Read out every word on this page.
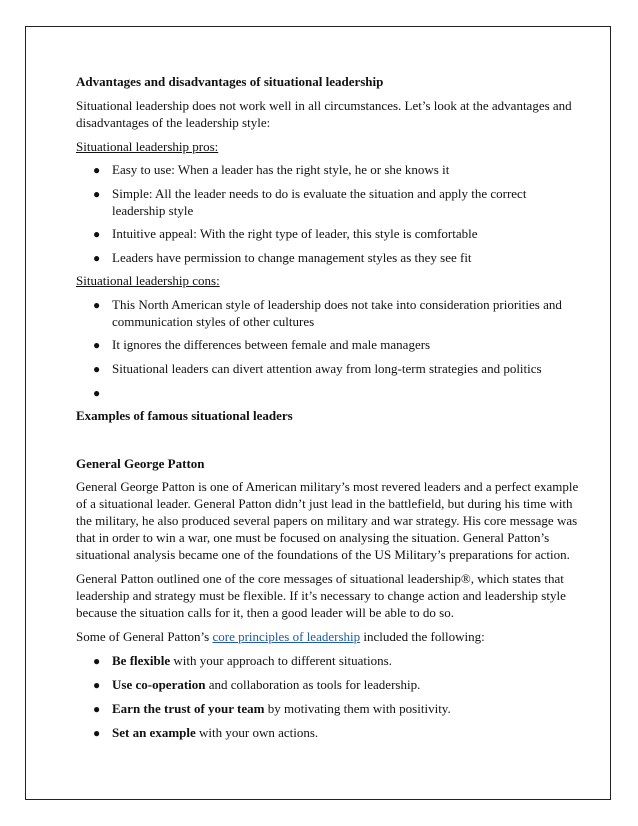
Advantages and disadvantages of situational leadership
Situational leadership does not work well in all circumstances. Let’s look at the advantages and
disadvantages of the leadership style:
Situational leadership pros:
● Easy to use: When a leader has the right style, he or she knows it
● Simple: All the leader needs to do is evaluate the situation and apply the correct
leadership style
● Intuitive appeal: With the right type of leader, this style is comfortable
● Leaders have permission to change management styles as they see fit
Situational leadership cons:
● This North American style of leadership does not take into consideration priorities and
communication styles of other cultures
● It ignores the differences between female and male managers
● Situational leaders can divert attention away from long-term strategies and politics
●
Examples of famous situational leaders
General George Patton
General George Patton is one of American military’s most revered leaders and a perfect example
of a situational leader. General Patton didn’t just lead in the battlefield, but during his time with
the military, he also produced several papers on military and war strategy. His core message was
that in order to win a war, one must be focused on analysing the situation. General Patton’s
situational analysis became one of the foundations of the US Military’s preparations for action.
General Patton outlined one of the core messages of situational leadership®, which states that
leadership and strategy must be flexible. If it’s necessary to change action and leadership style
because the situation calls for it, then a good leader will be able to do so.
Some of General Patton’s core principles of leadership included the following:
● Be flexible with your approach to different situations.
● Use co-operation and collaboration as tools for leadership.
● Earn the trust of your team by motivating them with positivity.
● Set an example with your own actions.
